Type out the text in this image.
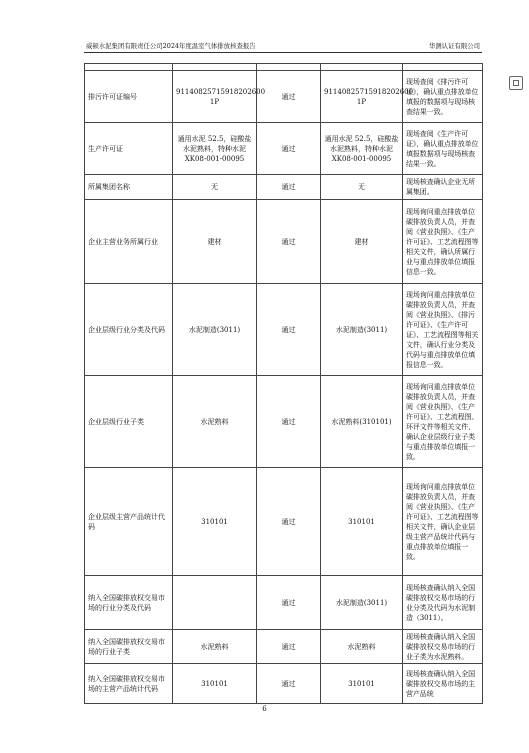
威顿水泥集团有限责任公司2024年度温室气体排放核查报告	华测认证有限公司

排污许可证编号	91140825715918202600 1P	通过	91140825715918202600 1P	现场查阅《排污许可证》，确认重点排放单位填报的数据项与现场核查结果一致。
生产许可证	通用水泥 52.5，硅酸盐水泥熟料，特种水泥 XK08-001-00095	通过	通用水泥 52.5，硅酸盐水泥熟料，特种水泥 XK08-001-00095	现场查阅《生产许可证》，确认重点排放单位填报数据项与现场核查结果一致。
所属集团名称	无	通过	无	现场核查确认企业无所属集团。
企业主营业务所属行业	建材	通过	建材	现场询问重点排放单位碳排放负责人员，并查阅《营业执照》、《生产许可证》、工艺流程图等相关文件，确认所属行业与重点排放单位填报信息一致。
企业层级行业分类及代码	水泥制造(3011)	通过	水泥制造(3011)	现场询问重点排放单位碳排放负责人员，并查阅《营业执照》、《排污许可证》、《生产许可证》、工艺流程图等相关文件，确认行业分类及代码与重点排放单位填报信息一致。
企业层级行业子类	水泥熟料	通过	水泥熟料(310101)	现场询问重点排放单位碳排放负责人员，并查阅《营业执照》、《生产许可证》、工艺流程图、环评文件等相关文件，确认企业层级行业子类与重点排放单位填报一致。
企业层级主营产品统计代码	310101	通过	310101	现场询问重点排放单位碳排放负责人员，并查阅《营业执照》、《生产许可证》、工艺流程图等相关文件，确认企业层级主营产品统计代码与重点排放单位填报一致。
纳入全国碳排放权交易市场的行业分类及代码		通过	水泥制造(3011)	现场核查确认纳入全国碳排放权交易市场的行业分类及代码为水泥制造（3011）。
纳入全国碳排放权交易市场的行业子类	水泥熟料	通过	水泥熟料	现场核查确认纳入全国碳排放权交易市场的行业子类为水泥熟料。
纳入全国碳排放权交易市场的主营产品统计代码	310101	通过	310101	现场核查确认纳入全国碳排放权交易市场的主营产品统
6
